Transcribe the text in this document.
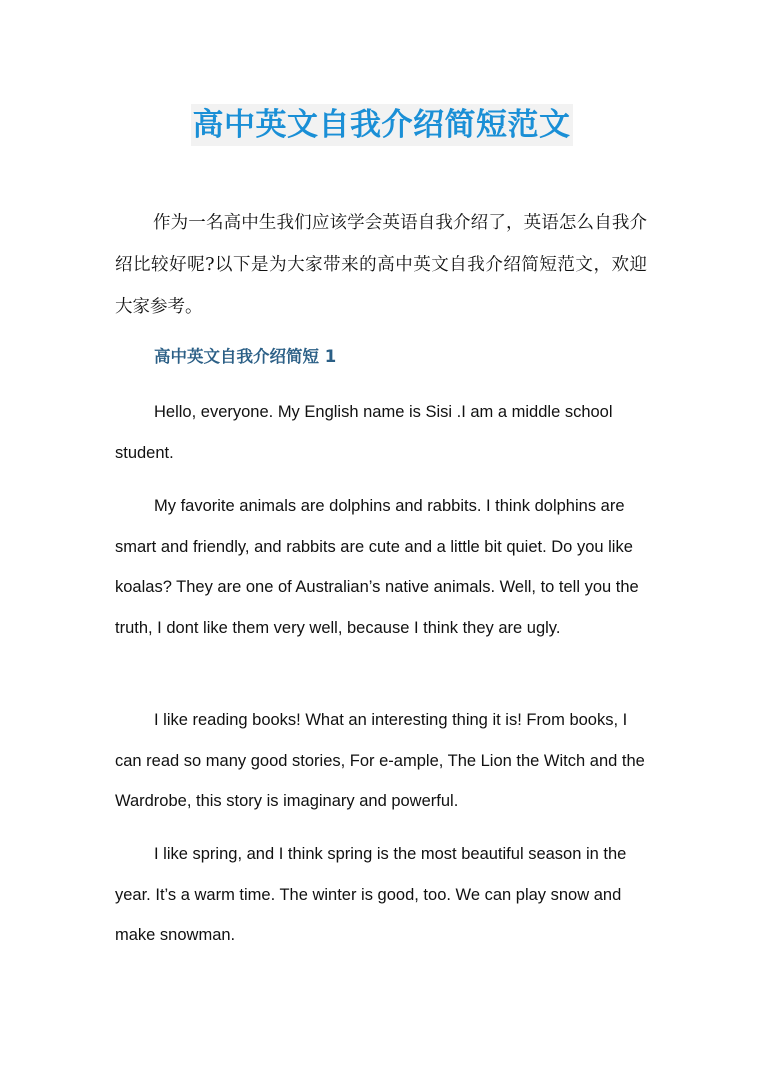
高中英文自我介绍简短范文

作为一名高中生我们应该学会英语自我介绍了，英语怎么自我介绍比较好呢?以下是为大家带来的高中英文自我介绍简短范文，欢迎大家参考。

高中英文自我介绍简短 1

Hello, everyone. My English name is Sisi .I am a middle school student.

My favorite animals are dolphins and rabbits. I think dolphins are smart and friendly, and rabbits are cute and a little bit quiet. Do you like koalas? They are one of Australian’s native animals. Well, to tell you the truth, I dont like them very well, because I think they are ugly.

I like reading books! What an interesting thing it is! From books, I can read so many good stories, For e-ample, The Lion the Witch and the Wardrobe, this story is imaginary and powerful.

I like spring, and I think spring is the most beautiful season in the year. It’s a warm time. The winter is good, too. We can play snow and make snowman.
